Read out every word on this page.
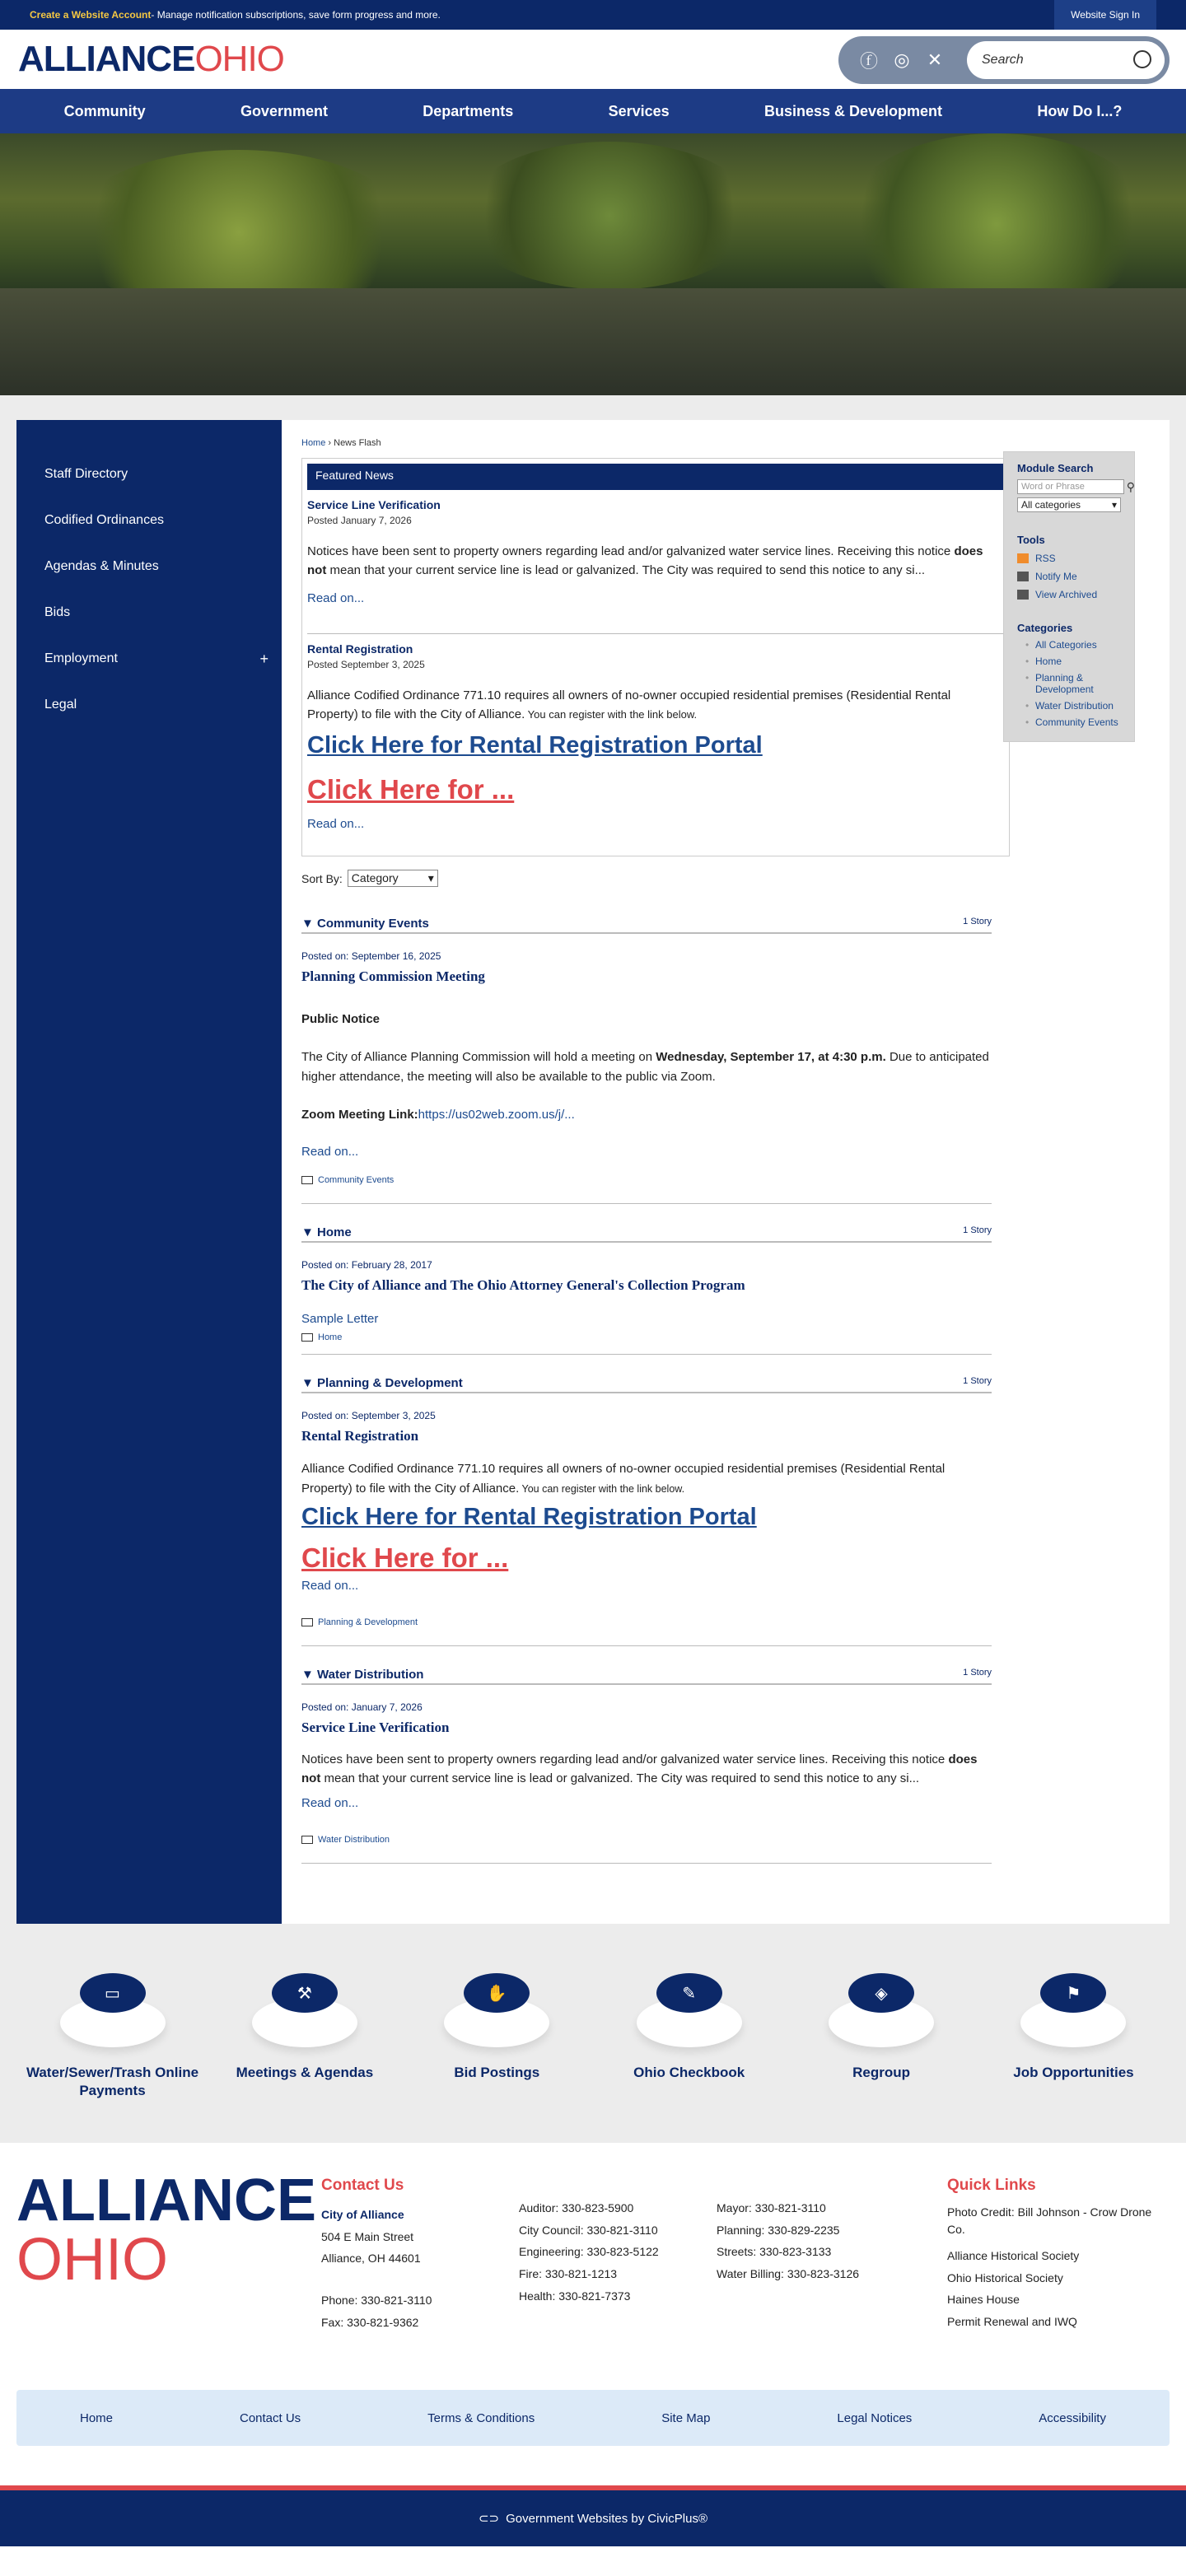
Create a Website Account - Manage notification subscriptions, save form progress and more.	Website Sign In
ALLIANCEOHIO	ⓕ ◎ ✕	Search
Community	Government	Departments	Services	Business & Development	How Do I...?
Staff Directory
Codified Ordinances
Agendas & Minutes
Bids
Employment	+
Legal
Home › News Flash
Featured News
Service Line Verification
Posted January 7, 2026
Notices have been sent to property owners regarding lead and/or galvanized water service lines. Receiving this notice does not mean that your current service line is lead or galvanized. The City was required to send this notice to any si...
Read on...
Rental Registration
Posted September 3, 2025
Alliance Codified Ordinance 771.10 requires all owners of no-owner occupied residential premises (Residential Rental Property) to file with the City of Alliance. You can register with the link below.
Click Here for Rental Registration Portal
Click Here for ...
Read on...
Sort By: Category	▾
▼ Community Events	1 Story
Posted on: September 16, 2025
Planning Commission Meeting
Public Notice
The City of Alliance Planning Commission will hold a meeting on Wednesday, September 17, at 4:30 p.m. Due to anticipated higher attendance, the meeting will also be available to the public via Zoom.
Zoom Meeting Link:https://us02web.zoom.us/j/...
Read on...
Community Events
▼ Home	1 Story
Posted on: February 28, 2017
The City of Alliance and The Ohio Attorney General's Collection Program
Sample Letter
Home
▼ Planning & Development	1 Story
Posted on: September 3, 2025
Rental Registration
Alliance Codified Ordinance 771.10 requires all owners of no-owner occupied residential premises (Residential Rental Property) to file with the City of Alliance. You can register with the link below.
Click Here for Rental Registration Portal
Click Here for ...
Read on...
Planning & Development
▼ Water Distribution	1 Story
Posted on: January 7, 2026
Service Line Verification
Notices have been sent to property owners regarding lead and/or galvanized water service lines. Receiving this notice does not mean that your current service line is lead or galvanized. The City was required to send this notice to any si...
Read on...
Water Distribution
Module Search
Word or Phrase	⚲
All categories	▾
Tools
RSS
Notify Me
View Archived
Categories
• All Categories
• Home
• Planning & Development
• Water Distribution
• Community Events
▭
Water/Sewer/Trash Online Payments
⚒
Meetings & Agendas
✋
Bid Postings
✎
Ohio Checkbook
◈
Regroup
⚑
Job Opportunities
ALLIANCE
OHIO
Contact Us
City of Alliance
504 E Main Street
Alliance, OH 44601
Phone: 330-821-3110
Fax: 330-821-9362
Auditor: 330-823-5900
City Council: 330-821-3110
Engineering: 330-823-5122
Fire: 330-821-1213
Health: 330-821-7373
Mayor: 330-821-3110
Planning: 330-829-2235
Streets: 330-823-3133
Water Billing: 330-823-3126
Quick Links
Photo Credit: Bill Johnson - Crow Drone Co.
Alliance Historical Society
Ohio Historical Society
Haines House
Permit Renewal and IWQ
Home	Contact Us	Terms & Conditions	Site Map	Legal Notices	Accessibility
⊂⊃ Government Websites by CivicPlus®
